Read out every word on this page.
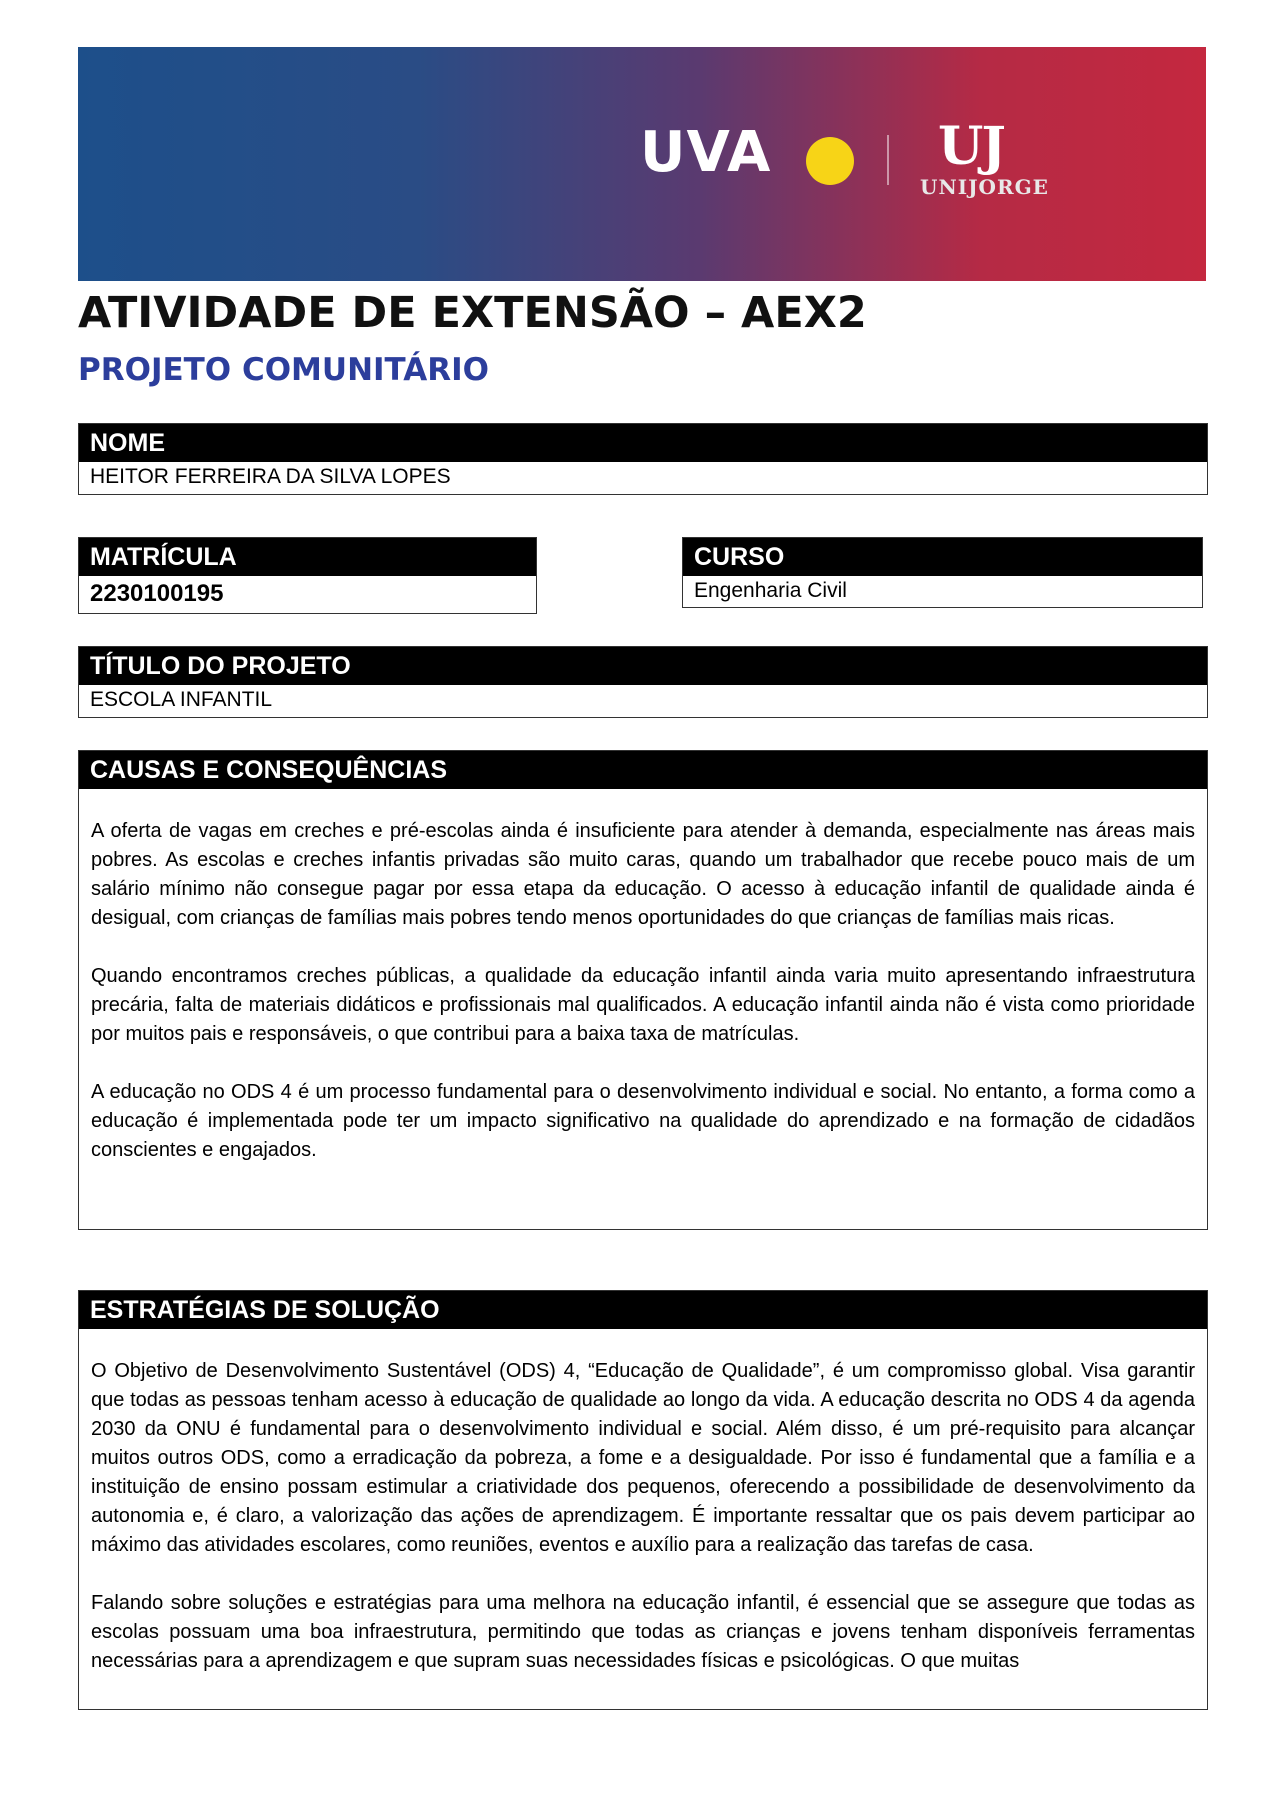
UVA	UJ
UNIJORGE
ATIVIDADE DE EXTENSÃO – AEX2
PROJETO COMUNITÁRIO
NOME
HEITOR FERREIRA DA SILVA LOPES
MATRÍCULA
2230100195
CURSO
Engenharia Civil
TÍTULO DO PROJETO
ESCOLA INFANTIL
CAUSAS E CONSEQUÊNCIAS

A oferta de vagas em creches e pré-escolas ainda é insuficiente para atender à demanda, especialmente nas áreas mais pobres. As escolas e creches infantis privadas são muito caras, quando um trabalhador que recebe pouco mais de um salário mínimo não consegue pagar por essa etapa da educação. O acesso à educação infantil de qualidade ainda é desigual, com crianças de famílias mais pobres tendo menos oportunidades do que crianças de famílias mais ricas.

Quando encontramos creches públicas, a qualidade da educação infantil ainda varia muito apresentando infraestrutura precária, falta de materiais didáticos e profissionais mal qualificados. A educação infantil ainda não é vista como prioridade por muitos pais e responsáveis, o que contribui para a baixa taxa de matrículas.

A educação no ODS 4 é um processo fundamental para o desenvolvimento individual e social. No entanto, a forma como a educação é implementada pode ter um impacto significativo na qualidade do aprendizado e na formação de cidadãos conscientes e engajados.

ESTRATÉGIAS DE SOLUÇÃO

O Objetivo de Desenvolvimento Sustentável (ODS) 4, “Educação de Qualidade”, é um compromisso global. Visa garantir que todas as pessoas tenham acesso à educação de qualidade ao longo da vida. A educação descrita no ODS 4 da agenda 2030 da ONU é fundamental para o desenvolvimento individual e social. Além disso, é um pré-requisito para alcançar muitos outros ODS, como a erradicação da pobreza, a fome e a desigualdade. Por isso é fundamental que a família e a instituição de ensino possam estimular a criatividade dos pequenos, oferecendo a possibilidade de desenvolvimento da autonomia e, é claro, a valorização das ações de aprendizagem. É importante ressaltar que os pais devem participar ao máximo das atividades escolares, como reuniões, eventos e auxílio para a realização das tarefas de casa.

Falando sobre soluções e estratégias para uma melhora na educação infantil, é essencial que se assegure que todas as escolas possuam uma boa infraestrutura, permitindo que todas as crianças e jovens tenham disponíveis ferramentas necessárias para a aprendizagem e que supram suas necessidades físicas e psicológicas. O que muitas
